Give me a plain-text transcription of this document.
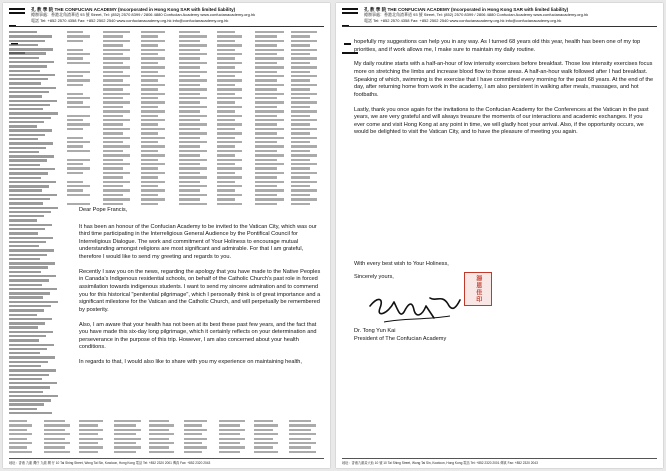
孔 教 學 院 THE CONFUCIAN ACADEMY (Incorporated in Hong Kong SAR with limited liability)
總辦事處：香港北角渣華道 93 號 Street, Tel: (852) 2570 8399 / 2806 4880 Confucian Academy www.confucianacademy.org.hk
電話 Tel: +852 2570 4358 Fax: +852 2502 2540 www.confucianacademy.org.hk info@confucianacademy.org.hk

Dear Pope Francis,

It has been an honour of the Confucian Academy to be invited to the Vatican City, which was our third time participating in the Interreligious General Audience by the Pontifical Council for Interreligious Dialogue. The work and commitment of Your Holiness to encourage mutual understanding amongst religions are most significant and admirable. For that I am grateful, therefore I would like to send my greeting and regards to you.

Recently I saw you on the news, regarding the apology that you have made to the Native Peoples in Canada's Indigenous residential schools, on behalf of the Catholic Church's past role in forced assimilation towards indigenous students. I want to send my sincere admiration and to commend you for this historical "penitential pilgrimage", which I personally think is of great importance and a significant milestone for the Vatican and the Catholic Church, and will perpetually be remembered by posterity.

Also, I am aware that your health has not been at its best these past few years, and the fact that you have made this six-day long pilgrimage, which it certainly reflects on your determination and perseverance in the purpose of this trip. However, I am also concerned about your health conditions.

In regards to that, I would also like to share with you my experience on maintaining health,

地址：香港 九龍 灣仔 九龍 灣 仔 10 Tai Shing Street, Wong Tai Sin, Kowloon, Hong Kong 電話 Tel: +852 2320 2001 傳真 Fax: +852 2320 2043

孔 教 學 院 THE CONFUCIAN ACADEMY (Incorporated in Hong Kong SAR with limited liability)
總辦事處：香港北角渣華道 93 號 Street, Tel: (852) 2570 8399 / 2806 4880 Confucian Academy www.confucianacademy.org.hk
電話 Tel: +852 2570 4358 Fax: +852 2502 2540 www.confucianacademy.org.hk info@confucianacademy.org.hk

hopefully my suggestions can help you in any way. As I turned 68 years old this year, health has been one of my top priorities, and if work allows me, I make sure to maintain my daily routine.

My daily routine starts with a half-an-hour of low intensity exercises before breakfast. Those low intensity exercises focus more on stretching the limbs and increase blood flow to those areas. A half-an-hour walk followed after I had breakfast. Speaking of which, swimming is the exercise that I have committed every morning for the past 68 years. At the end of the day, after returning home from work in the academy, I am also persistent in walking after meals, massages, and hot footbaths.

Lastly, thank you once again for the invitations to the Confucian Academy for the Conferences at the Vatican in the past years, we are very grateful and will always treasure the moments of our interactions and academic exchanges. If you ever come and visit Hong Kong at any point in time, we will gladly host your arrival. Also, if the opportunity occurs, we would be delighted to visit the Vatican City, and to have the pleasure of meeting you again.

With every best wish to Your Holiness,

Sincerely yours,	湯恩佳印

Dr. Tong Yun Kai

President of The Confucian Academy

地址：香港九龍黃大仙 10 號 10 Tai Shing Street, Wong Tai Sin, Kowloon, Hong Kong 電話 Tel: +852 2320 2001 傳真 Fax: +852 2320 2043
